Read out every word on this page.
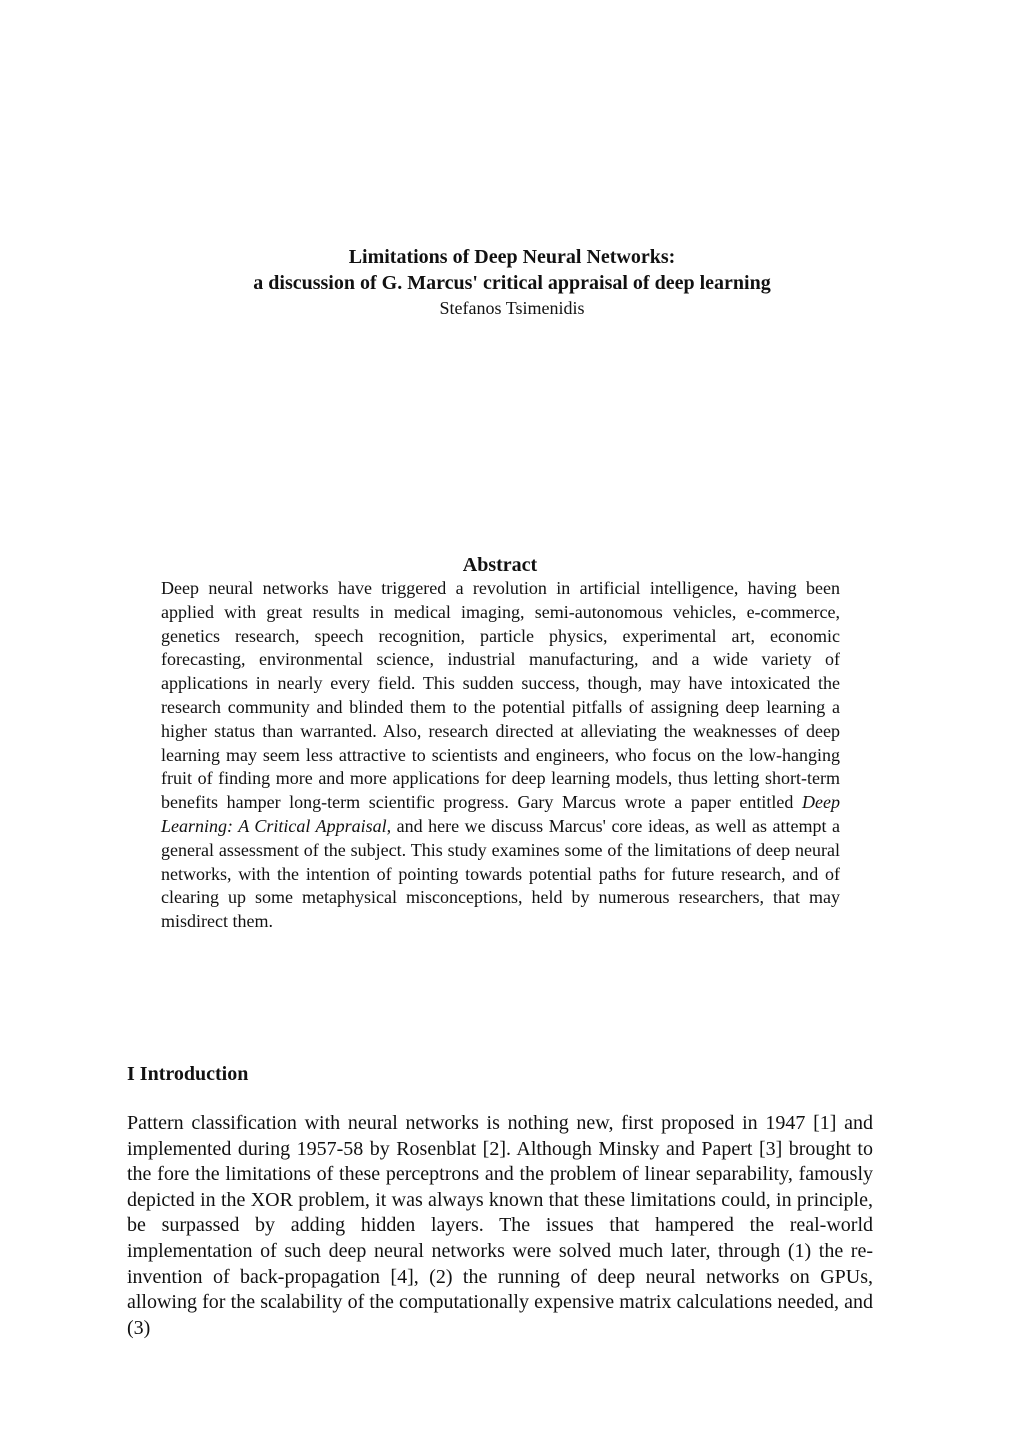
Limitations of Deep Neural Networks:

a discussion of G. Marcus' critical appraisal of deep learning

Stefanos Tsimenidis

Abstract

Deep neural networks have triggered a revolution in artificial intelligence, having been applied with great results in medical imaging, semi-autonomous vehicles, e-commerce, genetics research, speech recognition, particle physics, experimental art, economic forecasting, environmental science, industrial manufacturing, and a wide variety of applications in nearly every field. This sudden success, though, may have intoxicated the research community and blinded them to the potential pitfalls of assigning deep learning a higher status than warranted. Also, research directed at alleviating the weaknesses of deep learning may seem less attractive to scientists and engineers, who focus on the low-hanging fruit of finding more and more applications for deep learning models, thus letting short-term benefits hamper long-term scientific progress. Gary Marcus wrote a paper entitled Deep Learning: A Critical Appraisal, and here we discuss Marcus' core ideas, as well as attempt a general assessment of the subject. This study examines some of the limitations of deep neural networks, with the intention of pointing towards potential paths for future research, and of clearing up some metaphysical misconceptions, held by numerous researchers, that may misdirect them.

I Introduction

Pattern classification with neural networks is nothing new, first proposed in 1947 [1] and implemented during 1957-58 by Rosenblat [2]. Although Minsky and Papert [3] brought to the fore the limitations of these perceptrons and the problem of linear separability, famously depicted in the XOR problem, it was always known that these limitations could, in principle, be surpassed by adding hidden layers. The issues that hampered the real-world implementation of such deep neural networks were solved much later, through (1) the re-invention of back-propagation [4], (2) the running of deep neural networks on GPUs, allowing for the scalability of the computationally expensive matrix calculations needed, and (3)
